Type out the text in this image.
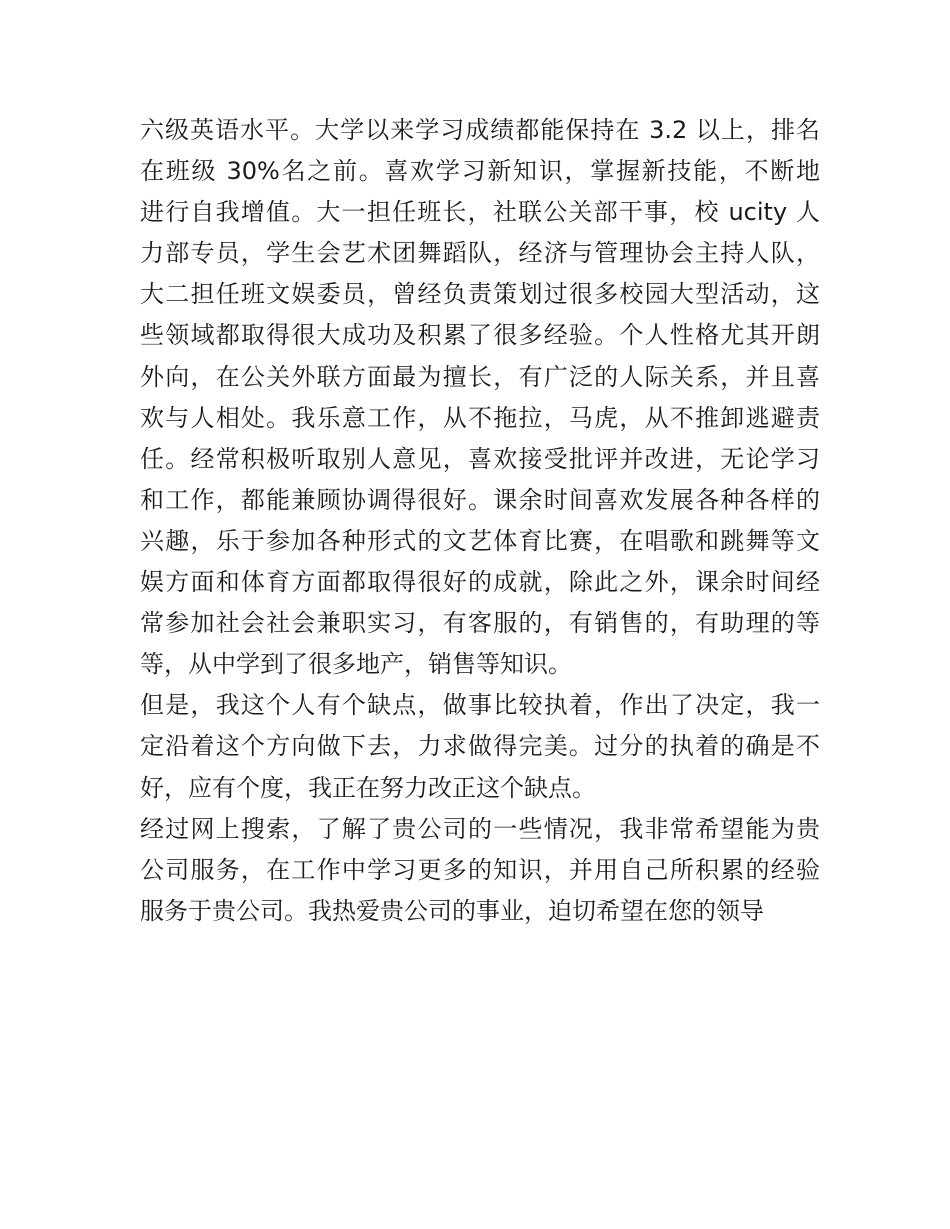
六级英语水平。大学以来学习成绩都能保持在 3.2 以上，排名
在班级 30%名之前。喜欢学习新知识，掌握新技能，不断地
进行自我增值。大一担任班长，社联公关部干事，校 ucity 人
力部专员，学生会艺术团舞蹈队，经济与管理协会主持人队，
大二担任班文娱委员，曾经负责策划过很多校园大型活动，这
些领域都取得很大成功及积累了很多经验。个人性格尤其开朗
外向，在公关外联方面最为擅长，有广泛的人际关系，并且喜
欢与人相处。我乐意工作，从不拖拉，马虎，从不推卸逃避责
任。经常积极听取别人意见，喜欢接受批评并改进，无论学习
和工作，都能兼顾协调得很好。课余时间喜欢发展各种各样的
兴趣，乐于参加各种形式的文艺体育比赛，在唱歌和跳舞等文
娱方面和体育方面都取得很好的成就，除此之外，课余时间经
常参加社会社会兼职实习，有客服的，有销售的，有助理的等
等，从中学到了很多地产，销售等知识。
但是，我这个人有个缺点，做事比较执着，作出了决定，我一
定沿着这个方向做下去，力求做得完美。过分的执着的确是不
好，应有个度，我正在努力改正这个缺点。
经过网上搜索，了解了贵公司的一些情况，我非常希望能为贵
公司服务，在工作中学习更多的知识，并用自己所积累的经验
服务于贵公司。我热爱贵公司的事业，迫切希望在您的领导
